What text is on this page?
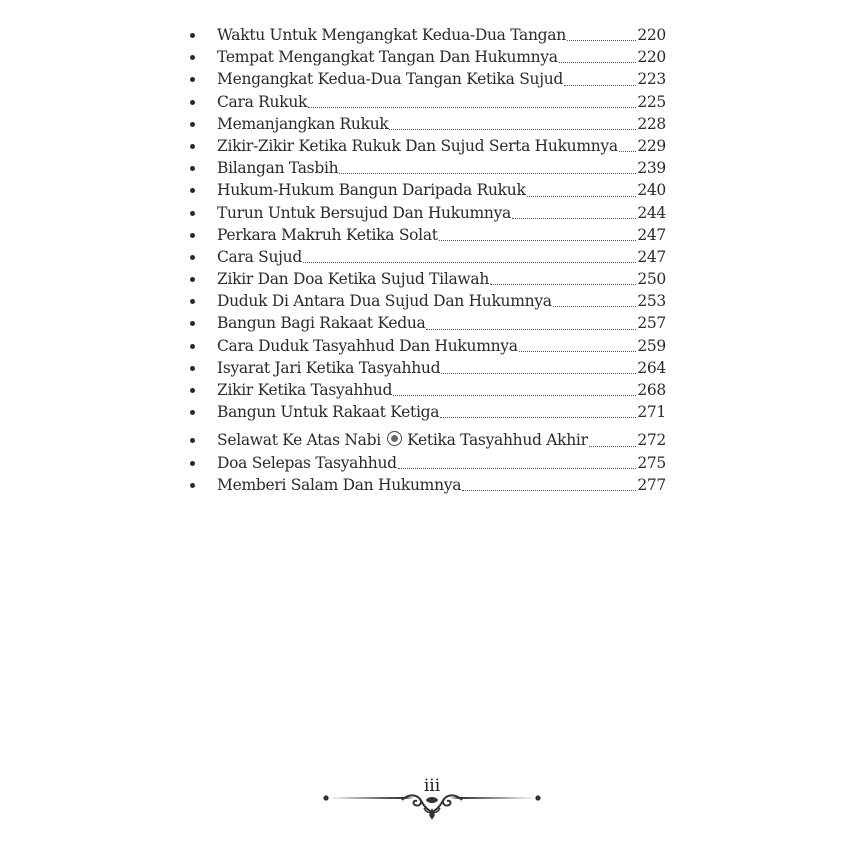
Waktu Untuk Mengangkat Kedua-Dua Tangan	220
Tempat Mengangkat Tangan Dan Hukumnya	220
Mengangkat Kedua-Dua Tangan Ketika Sujud	223
Cara Rukuk	225
Memanjangkan Rukuk	228
Zikir-Zikir Ketika Rukuk Dan Sujud Serta Hukumnya 229
Bilangan Tasbih	239
Hukum-Hukum Bangun Daripada Rukuk	240
Turun Untuk Bersujud Dan Hukumnya	244
Perkara Makruh Ketika Solat	247
Cara Sujud	247
Zikir Dan Doa Ketika Sujud Tilawah	250
Duduk Di Antara Dua Sujud Dan Hukumnya	253
Bangun Bagi Rakaat Kedua	257
Cara Duduk Tasyahhud Dan Hukumnya	259
Isyarat Jari Ketika Tasyahhud	264
Zikir Ketika Tasyahhud	268
Bangun Untuk Rakaat Ketiga	271
Selawat Ke Atas Nabi Ketika Tasyahhud Akhir	272
Doa Selepas Tasyahhud	275
Memberi Salam Dan Hukumnya	277
iii
